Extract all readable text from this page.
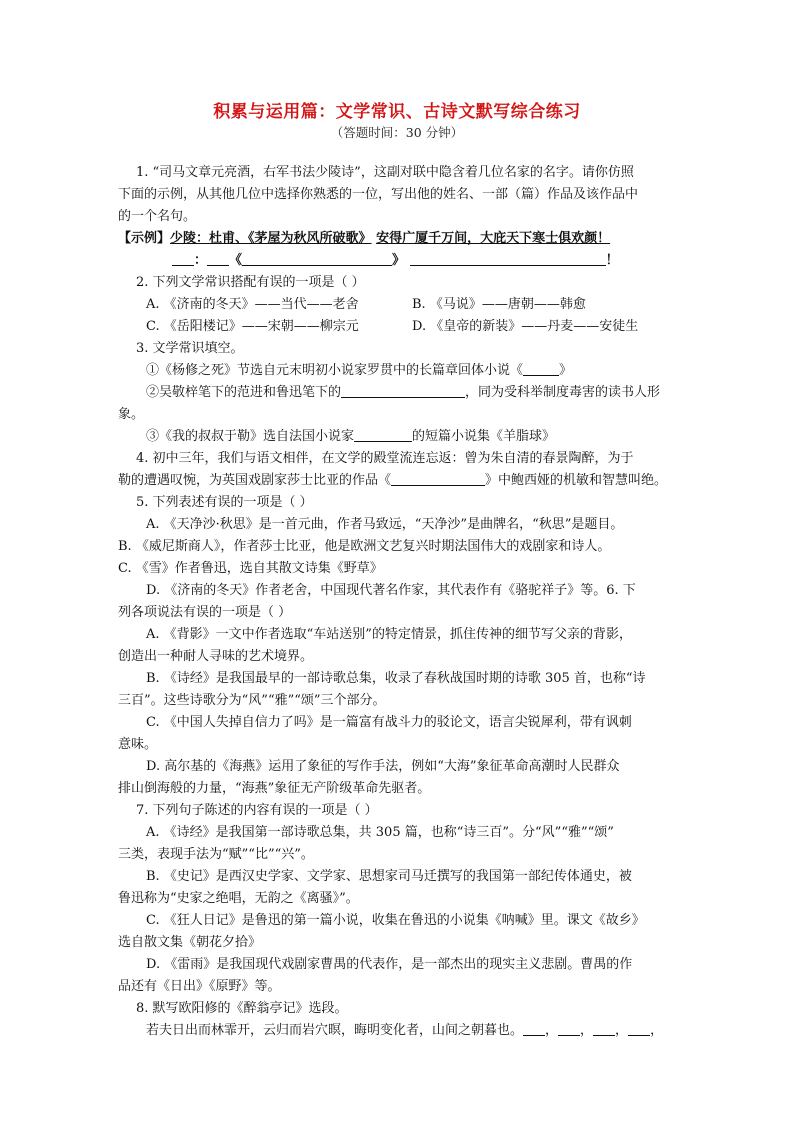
积累与运用篇：文学常识、古诗文默写综合练习
（答题时间：30 分钟）
1. “司马文章元亮酒，右军书法少陵诗”，这副对联中隐含着几位名家的名字。请你仿照
下面的示例，从其他几位中选择你熟悉的一位，写出他的姓名、一部（篇）作品及该作品中
的一个名句。
【示例】少陵：杜甫、《茅屋为秋风所破歌》 安得广厦千万间，大庇天下寒士俱欢颜！
： 《	》	！
2. 下列文学常识搭配有误的一项是（ ）
A. 《济南的冬天》——当代——老舍	B. 《马说》——唐朝——韩愈
C. 《岳阳楼记》——宋朝——柳宗元	D. 《皇帝的新装》——丹麦——安徒生
3. 文学常识填空。
①《杨修之死》节选自元末明初小说家罗贯中的长篇章回体小说《	》
②吴敬梓笔下的范进和鲁迅笔下的	，同为受科举制度毒害的读书人形
象。
③《我的叔叔于勒》选自法国小说家	的短篇小说集《羊脂球》
4. 初中三年，我们与语文相伴，在文学的殿堂流连忘返：曾为朱自清的春景陶醉，为于
勒的遭遇叹惋，为英国戏剧家莎士比亚的作品《	》中鲍西娅的机敏和智慧叫绝。
5. 下列表述有误的一项是（ ）
A. 《天净沙·秋思》是一首元曲，作者马致远，“天净沙”是曲牌名，“秋思”是题目。
B. 《威尼斯商人》，作者莎士比亚，他是欧洲文艺复兴时期法国伟大的戏剧家和诗人。
C. 《雪》作者鲁迅，选自其散文诗集《野草》
D. 《济南的冬天》作者老舍，中国现代著名作家，其代表作有《骆驼祥子》等。6. 下
列各项说法有误的一项是（ ）
A. 《背影》一文中作者选取“车站送别”的特定情景，抓住传神的细节写父亲的背影，
创造出一种耐人寻味的艺术境界。
B. 《诗经》是我国最早的一部诗歌总集，收录了春秋战国时期的诗歌 305 首，也称“诗
三百”。这些诗歌分为“风”“雅”“颂”三个部分。
C. 《中国人失掉自信力了吗》是一篇富有战斗力的驳论文，语言尖锐犀利，带有讽刺
意味。
D. 高尔基的《海燕》运用了象征的写作手法，例如“大海”象征革命高潮时人民群众
排山倒海般的力量，“海燕”象征无产阶级革命先驱者。
7. 下列句子陈述的内容有误的一项是（ ）
A. 《诗经》是我国第一部诗歌总集，共 305 篇，也称“诗三百”。分“风”“雅”“颂”
三类，表现手法为“赋”“比”“兴”。
B. 《史记》是西汉史学家、文学家、思想家司马迁撰写的我国第一部纪传体通史，被
鲁迅称为“史家之绝唱，无韵之《离骚》”。
C. 《狂人日记》是鲁迅的第一篇小说，收集在鲁迅的小说集《呐喊》里。课文《故乡》
选自散文集《朝花夕拾》
D. 《雷雨》是我国现代戏剧家曹禺的代表作，是一部杰出的现实主义悲剧。曹禺的作
品还有《日出》《原野》等。
8. 默写欧阳修的《醉翁亭记》选段。
若夫日出而林霏开，云归而岩穴暝，晦明变化者，山间之朝暮也。 ， ， ， ，
